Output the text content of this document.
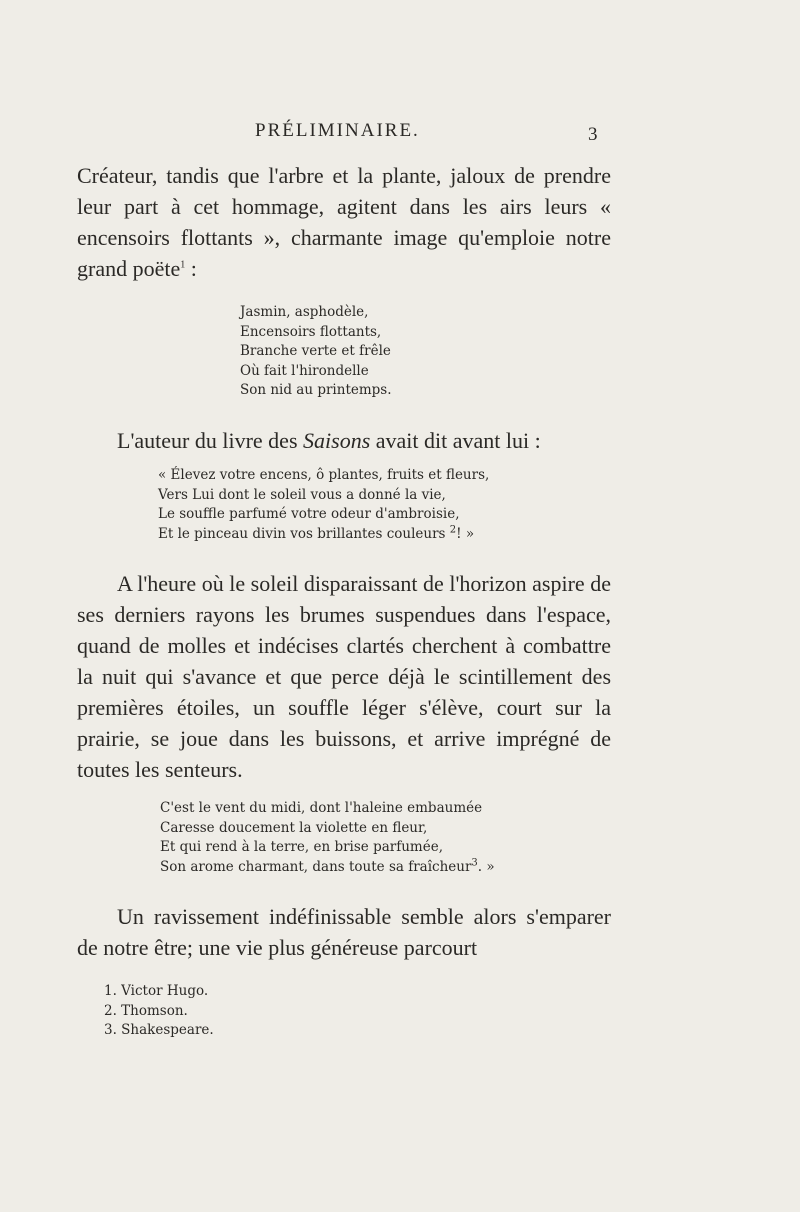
PRÉLIMINAIRE.	3

Créateur, tandis que l'arbre et la plante, jaloux de prendre leur part à cet hommage, agitent dans les airs leurs « encensoirs flottants », charmante image qu'emploie notre grand poëte$^1$ :

Jasmin, asphodèle,
Encensoirs flottants,
Branche verte et frêle
Où fait l'hirondelle
Son nid au printemps.

L'auteur du livre des Saisons avait dit avant lui :

« Élevez votre encens, ô plantes, fruits et fleurs,
Vers Lui dont le soleil vous a donné la vie,
Le souffle parfumé votre odeur d'ambroisie,
Et le pinceau divin vos brillantes couleurs $^2$! »

A l'heure où le soleil disparaissant de l'horizon aspire de ses derniers rayons les brumes suspendues dans l'espace, quand de molles et indécises clartés cherchent à combattre la nuit qui s'avance et que perce déjà le scintillement des premières étoiles, un souffle léger s'élève, court sur la prairie, se joue dans les buissons, et arrive imprégné de toutes les senteurs.

C'est le vent du midi, dont l'haleine embaumée
Caresse doucement la violette en fleur,
Et qui rend à la terre, en brise parfumée,
Son arome charmant, dans toute sa fraîcheur$^3$. »

Un ravissement indéfinissable semble alors s'emparer de notre être; une vie plus généreuse parcourt

1. Victor Hugo.
2. Thomson.
3. Shakespeare.
